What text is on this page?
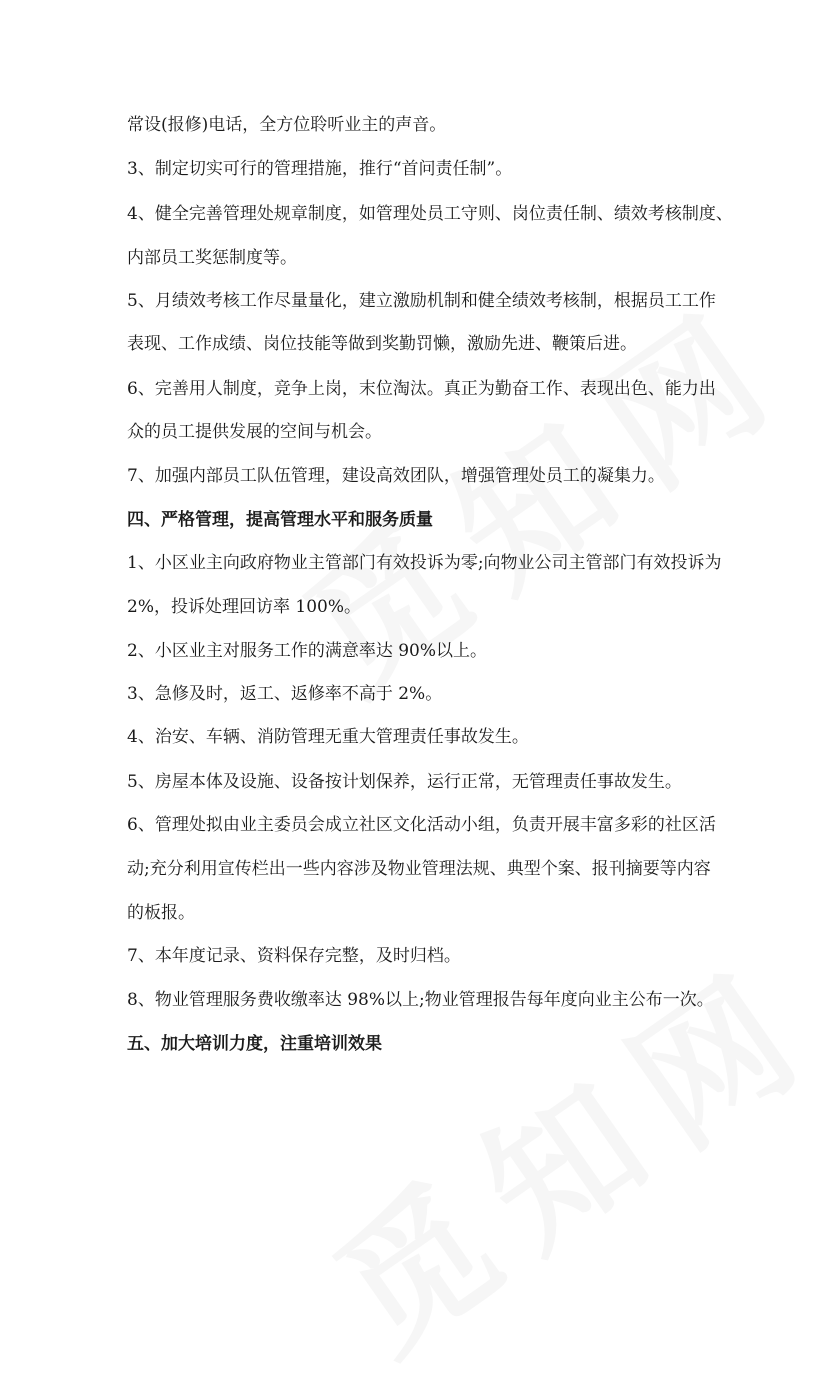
常设(报修)电话，全方位聆听业主的声音。
3、制定切实可行的管理措施，推行“首问责任制”。
4、健全完善管理处规章制度，如管理处员工守则、岗位责任制、绩效考核制度、
内部员工奖惩制度等。
5、月绩效考核工作尽量量化，建立激励机制和健全绩效考核制，根据员工工作
表现、工作成绩、岗位技能等做到奖勤罚懒，激励先进、鞭策后进。
6、完善用人制度，竞争上岗，末位淘汰。真正为勤奋工作、表现出色、能力出
众的员工提供发展的空间与机会。
7、加强内部员工队伍管理，建设高效团队，增强管理处员工的凝集力。
四、严格管理，提高管理水平和服务质量
1、小区业主向政府物业主管部门有效投诉为零;向物业公司主管部门有效投诉为
2%，投诉处理回访率 100%。
2、小区业主对服务工作的满意率达 90%以上。
3、急修及时，返工、返修率不高于 2%。
4、治安、车辆、消防管理无重大管理责任事故发生。
5、房屋本体及设施、设备按计划保养，运行正常，无管理责任事故发生。
6、管理处拟由业主委员会成立社区文化活动小组，负责开展丰富多彩的社区活
动;充分利用宣传栏出一些内容涉及物业管理法规、典型个案、报刊摘要等内容
的板报。
7、本年度记录、资料保存完整，及时归档。
8、物业管理服务费收缴率达 98%以上;物业管理报告每年度向业主公布一次。
五、加大培训力度，注重培训效果
